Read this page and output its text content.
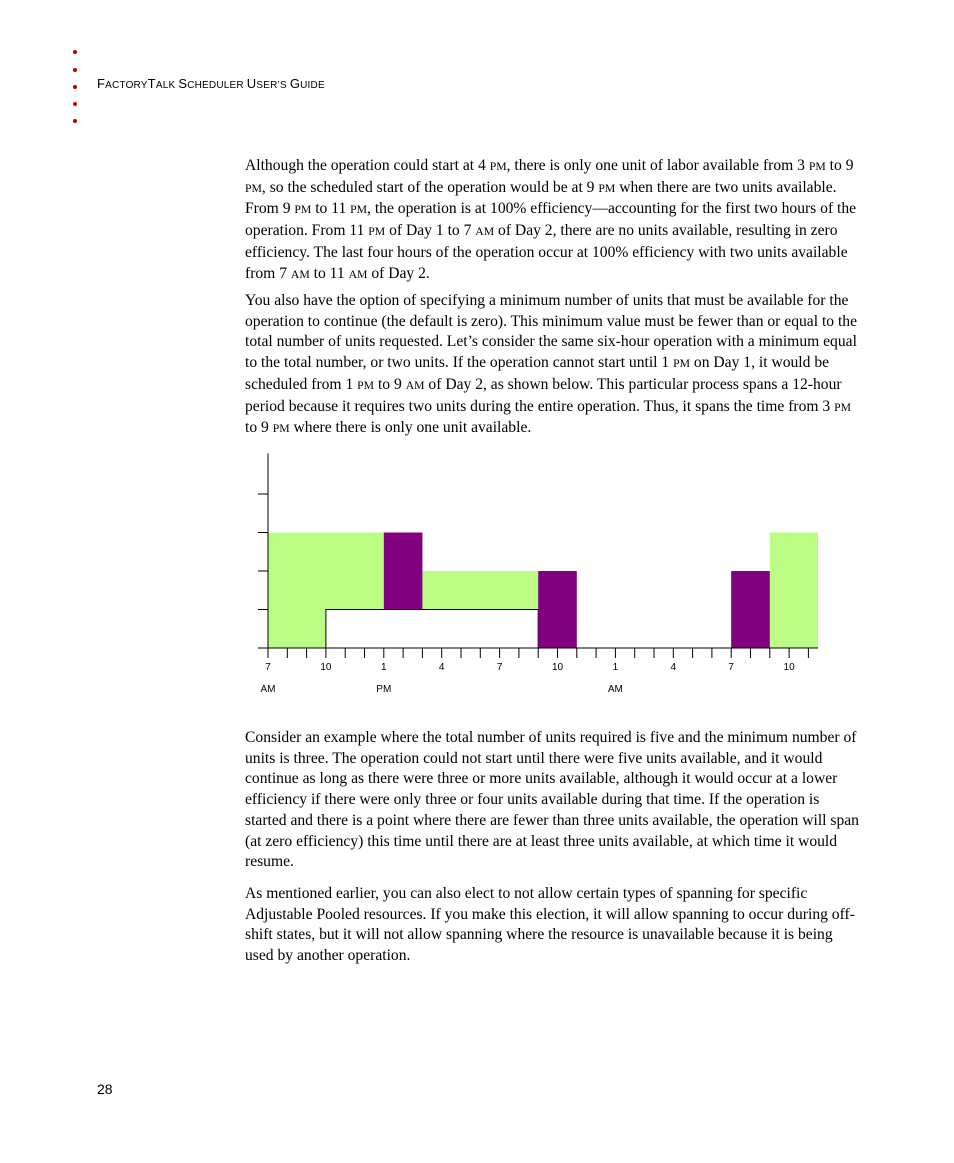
FACTORYTALK SCHEDULER USER’S GUIDE

Although the operation could start at 4 PM, there is only one unit of labor available from 3 PM to 9 PM, so the scheduled start of the operation would be at 9 PM when there are two units available. From 9 PM to 11 PM, the operation is at 100% efficiency—accounting for the first two hours of the operation. From 11 PM of Day 1 to 7 AM of Day 2, there are no units available, resulting in zero efficiency. The last four hours of the operation occur at 100% efficiency with two units available from 7 AM to 11 AM of Day 2.

You also have the option of specifying a minimum number of units that must be available for the operation to continue (the default is zero). This minimum value must be fewer than or equal to the total number of units requested. Let’s consider the same six-hour operation with a minimum equal to the total number, or two units. If the operation cannot start until 1 PM on Day 1, it would be scheduled from 1 PM to 9 AM of Day 2, as shown below. This particular process spans a 12-hour period because it requires two units during the entire operation. Thus, it spans the time from 3 PM to 9 PM where there is only one unit available.

7	10	1	4	7	10	1	4	7	10
AM	PM	AM

Consider an example where the total number of units required is five and the minimum number of units is three. The operation could not start until there were five units available, and it would continue as long as there were three or more units available, although it would occur at a lower efficiency if there were only three or four units available during that time. If the operation is started and there is a point where there are fewer than three units available, the operation will span (at zero efficiency) this time until there are at least three units available, at which time it would resume.

As mentioned earlier, you can also elect to not allow certain types of spanning for specific Adjustable Pooled resources. If you make this election, it will allow spanning to occur during off-shift states, but it will not allow spanning where the resource is unavailable because it is being used by another operation.

28
